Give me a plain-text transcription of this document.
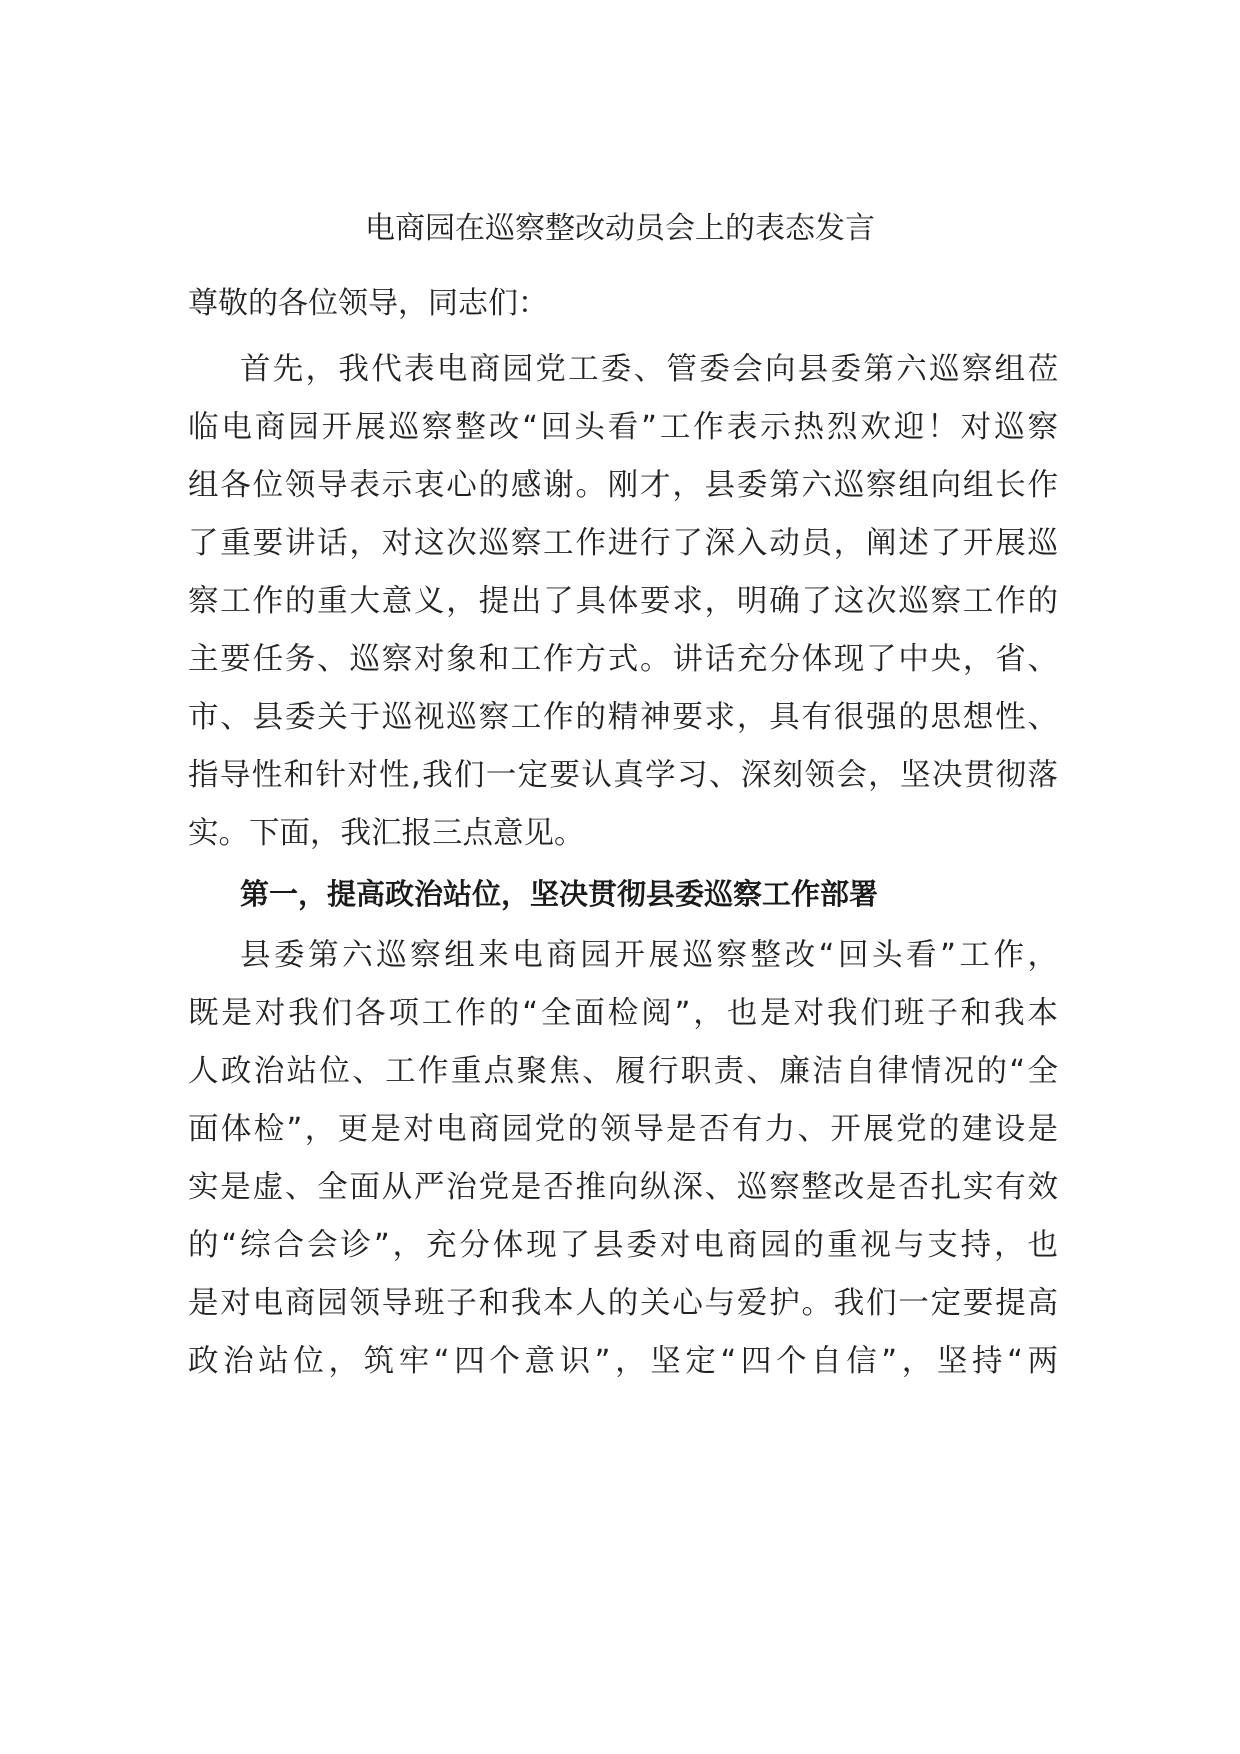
电商园在巡察整改动员会上的表态发言
尊敬的各位领导，同志们：
首先，我代表电商园党工委、管委会向县委第六巡察组莅
临电商园开展巡察整改“回头看”工作表示热烈欢迎！对巡察
组各位领导表示衷心的感谢。刚才，县委第六巡察组向组长作
了重要讲话，对这次巡察工作进行了深入动员，阐述了开展巡
察工作的重大意义，提出了具体要求，明确了这次巡察工作的
主要任务、巡察对象和工作方式。讲话充分体现了中央，省、
市、县委关于巡视巡察工作的精神要求，具有很强的思想性、
指导性和针对性,我们一定要认真学习、深刻领会，坚决贯彻落
实。下面，我汇报三点意见。
第一，提高政治站位，坚决贯彻县委巡察工作部署
县委第六巡察组来电商园开展巡察整改“回头看”工作，
既是对我们各项工作的“全面检阅”，也是对我们班子和我本
人政治站位、工作重点聚焦、履行职责、廉洁自律情况的“全
面体检”，更是对电商园党的领导是否有力、开展党的建设是
实是虚、全面从严治党是否推向纵深、巡察整改是否扎实有效
的“综合会诊”，充分体现了县委对电商园的重视与支持，也
是对电商园领导班子和我本人的关心与爱护。我们一定要提高
政治站位，筑牢“四个意识”，坚定“四个自信”，坚持“两
